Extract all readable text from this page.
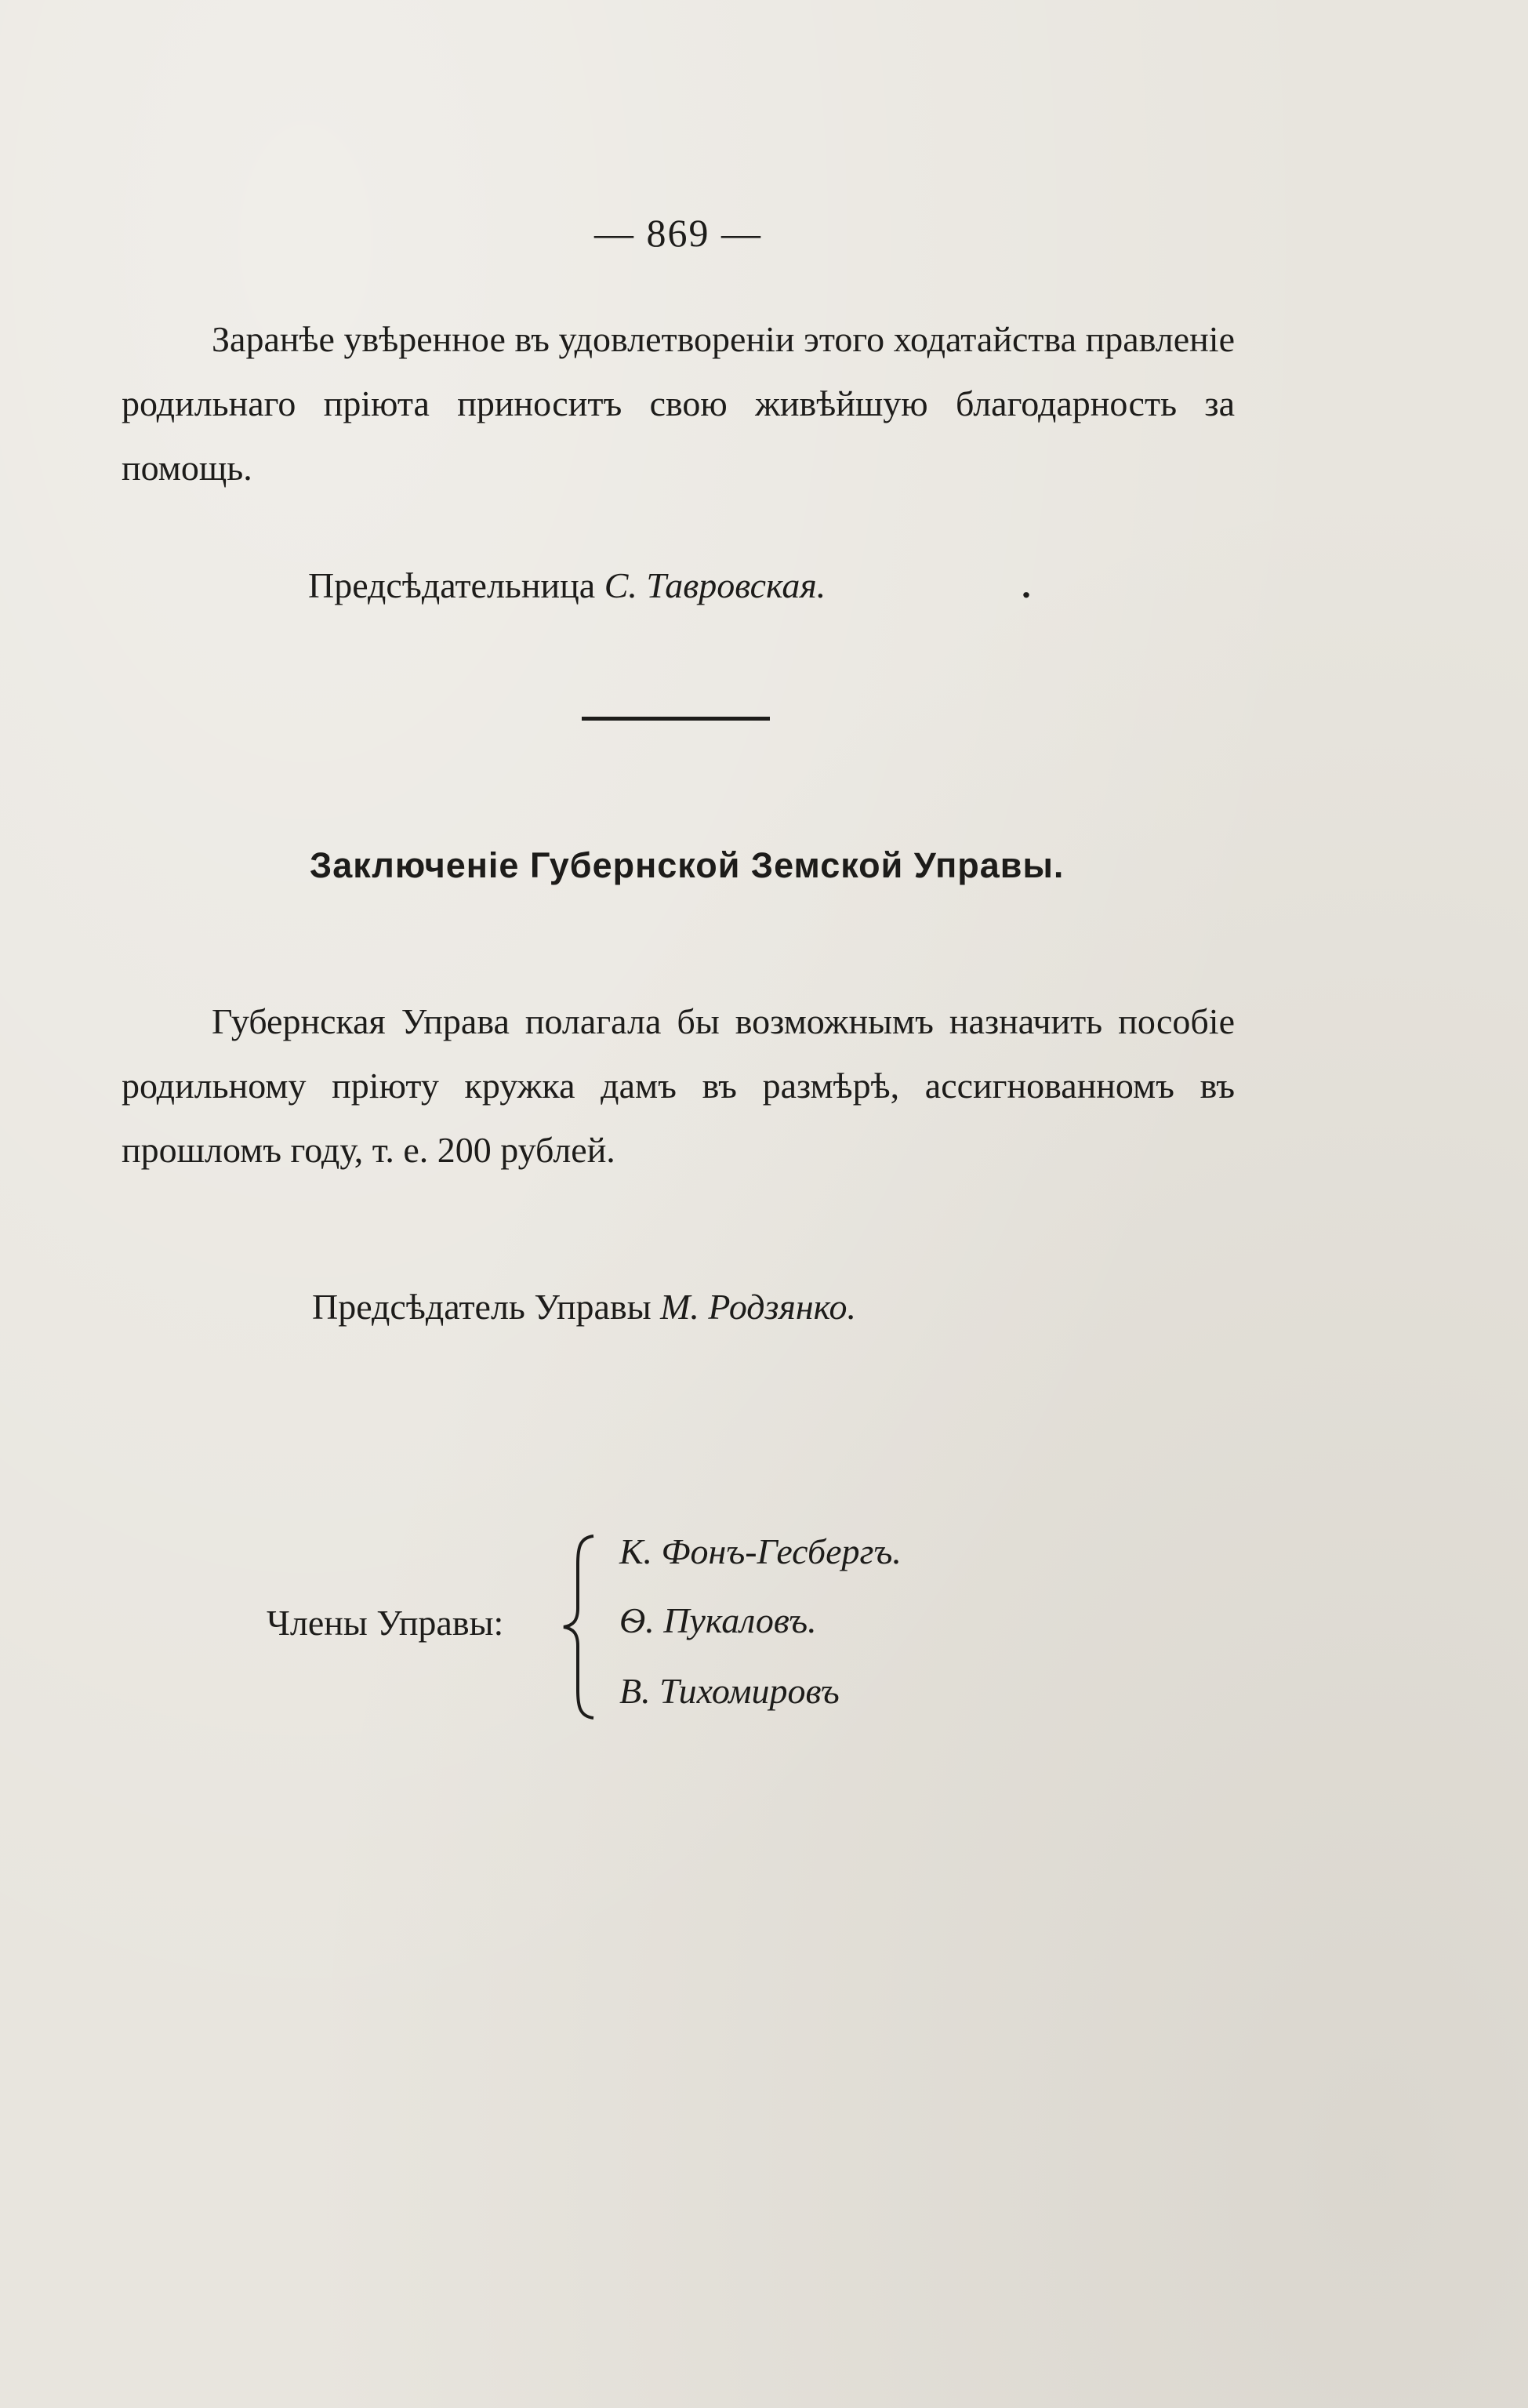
— 869 —
Заранѣе увѣренное въ удовлетвореніи этого ходатайства правленіе родильнаго пріюта приноситъ свою живѣйшую благодарность за помощь.
Предсѣдательница С. Тавровская.	.
Заключеніе Губернской Земской Управы.
Губернская Управа полагала бы возможнымъ назначить пособіе родильному пріюту кружка дамъ въ размѣрѣ, ассигнованномъ въ прошломъ году, т. е. 200 рублей.
Предсѣдатель Управы М. Родзянко.
Члены Управы:
К. Фонъ-Гесбергъ.
Ѳ. Пукаловъ.
В. Тихомировъ
